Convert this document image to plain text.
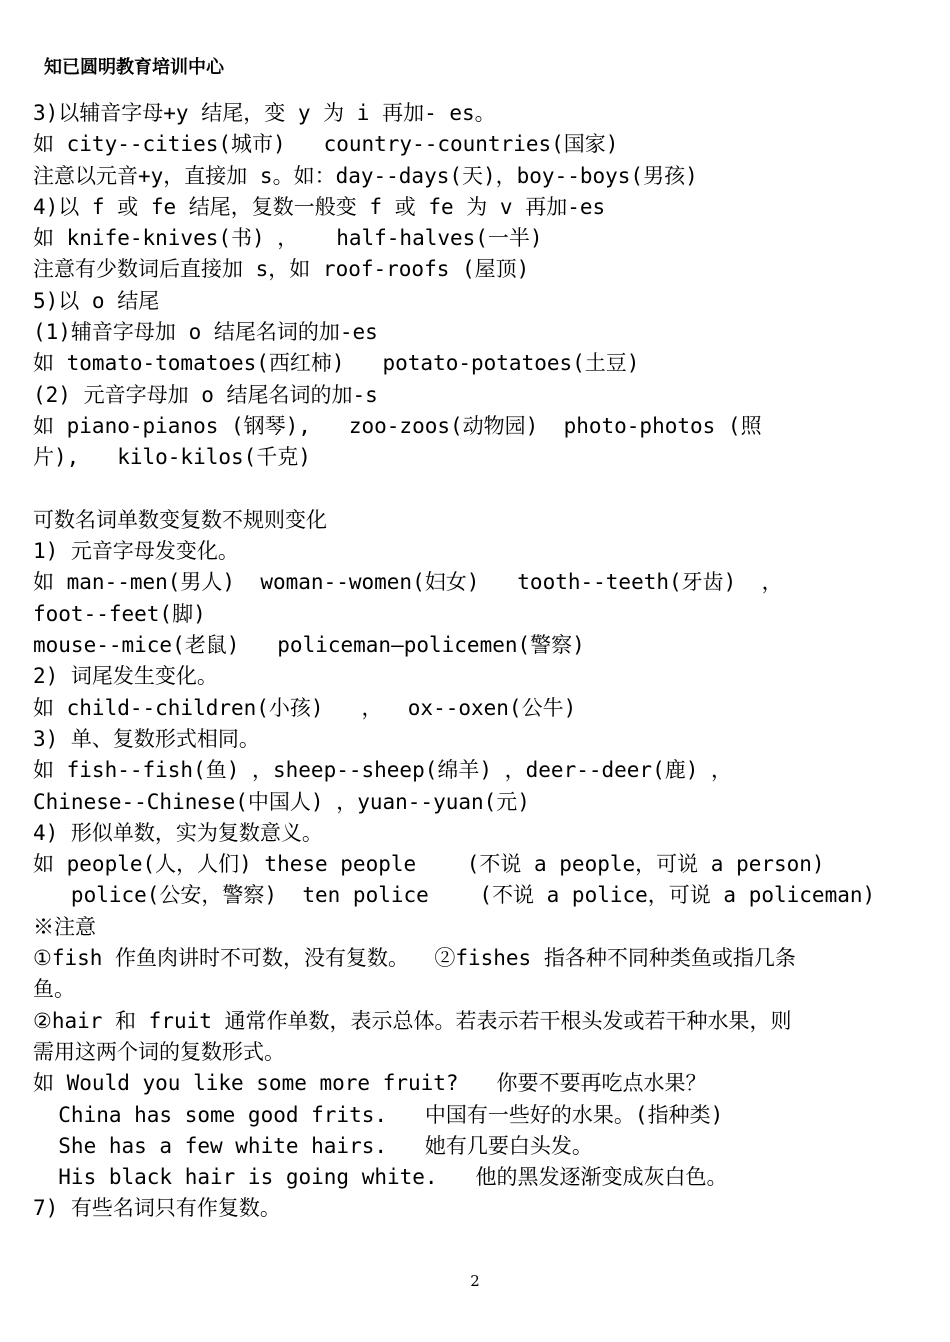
知已圆明教育培训中心
3)以辅音字母+y 结尾，变 y 为 i 再加- es。
如 city--cities(城市)   country--countries(国家)
注意以元音+y，直接加 s。如：day--days(天)，boy--boys(男孩)
4)以 f 或 fe 结尾，复数一般变 f 或 fe 为 v 再加-es
如 knife-knives(书) ，   half-halves(一半)
注意有少数词后直接加 s，如 roof-roofs (屋顶)
5)以 o 结尾
(1)辅音字母加 o 结尾名词的加-es
如 tomato-tomatoes(西红柿)   potato-potatoes(土豆)
(2) 元音字母加 o 结尾名词的加-s
如 piano-pianos (钢琴),   zoo-zoos(动物园)  photo-photos (照
片),   kilo-kilos(千克)
可数名词单数变复数不规则变化
1) 元音字母发变化。
如 man--men(男人)  woman--women(妇女)   tooth--teeth(牙齿)  ，
foot--feet(脚)
mouse--mice(老鼠)   policeman—policemen(警察)
2) 词尾发生变化。
如 child--children(小孩)   ，  ox--oxen(公牛)
3) 单、复数形式相同。
如 fish--fish(鱼) ，sheep--sheep(绵羊) ，deer--deer(鹿) ，
Chinese--Chinese(中国人) ，yuan--yuan(元)
4) 形似单数，实为复数意义。
如 people(人，人们) these people    (不说 a people，可说 a person)
police(公安，警察)  ten police    (不说 a police，可说 a policeman)
※注意
①fish 作鱼肉讲时不可数，没有复数。  ②fishes 指各种不同种类鱼或指几条
鱼。
②hair 和 fruit 通常作单数，表示总体。若表示若干根头发或若干种水果，则
需用这两个词的复数形式。
如 Would you like some more fruit?   你要不要再吃点水果？
China has some good frits.   中国有一些好的水果。(指种类)
She has a few white hairs.   她有几要白头发。
His black hair is going white.   他的黑发逐渐变成灰白色。
7) 有些名词只有作复数。
2
